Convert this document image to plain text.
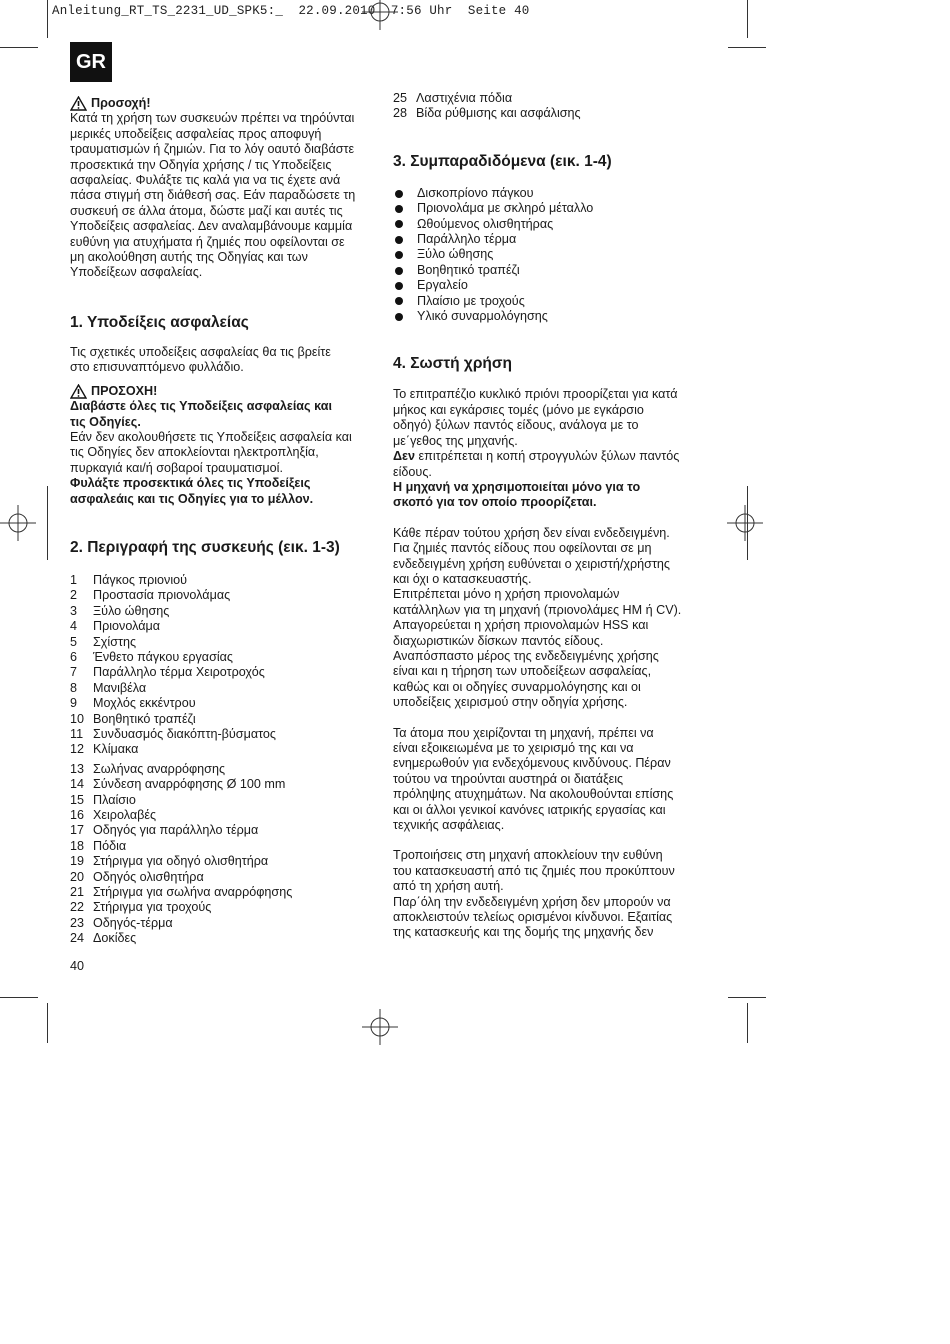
Anleitung_RT_TS_2231_UD_SPK5:_  22.09.2010  7:56 Uhr  Seite 40
GR
Προσοχή!

Κατά τη χρήση των συσκευών πρέπει να τηρόύνται

μερικές υποδείξεις ασφαλείας προς αποφυγή

τραυματισμών ή ζημιών. Για το λόγ οαυτό διαβάστε

προσεκτικά την Οδηγία χρήσης / τις Υποδείξεις

ασφαλείας. Φυλάξτε τις καλά για να τις έχετε ανά

πάσα στιγμή στη διάθεσή σας. Εάν παραδώσετε τη

συσκευή σε άλλα άτομα, δώστε μαζί και αυτές τις

Υποδείξεις ασφαλείας. Δεν αναλαμβάνουμε καμμία

ευθύνη για ατυχήματα ή ζημιές που οφείλονται σε

μη ακολούθηση αυτής της Οδηγίας και των

Υποδείξεων ασφαλείας.

1. Υποδείξεις ασφαλείας

Τις σχετικές υποδείξεις ασφαλείας θα τις βρείτε

στο επισυναπτόμενο φυλλάδιο.

ΠΡΟΣΟΧΗ!

Διαβάστε όλες τις Υποδείξεις ασφαλείας και

τις Οδηγίες.

Εάν δεν ακολουθήσετε τις Υποδείξεις ασφαλεία και

τις Οδηγίες δεν αποκλείονται ηλεκτροπληξία,

πυρκαγιά και/ή σοβαροί τραυματισμοί.

Φυλάξτε προσεκτικά όλες τις Υποδείξεις

ασφαλεάις και τις Οδηγίες για το μέλλον.

2. Περιγραφή της συσκευής (εικ. 1-3)
1	Πάγκος πριονιού
2	Προστασία πριονολάμας
3	Ξύλο ώθησης
4	Πριονολάμα
5	Σχίστης
6	Ένθετο πάγκου εργασίας
7	Παράλληλο τέρμα Χειροτροχός
8	Μανιβέλα
9	Μοχλός εκκέντρου
10 Βοηθητικό τραπέζι
11 Συνδυασμός διακόπτη-βύσματος
12 Κλίμακα
13 Σωλήνας αναρρόφησης
14 Σύνδεση αναρρόφησης Ø 100 mm
15 Πλαίσιο
16 Χειρολαβές
17 Οδηγός για παράλληλο τέρμα
18 Πόδια
19 Στήριγμα για οδηγό ολισθητήρα
20 Οδηγός ολισθητήρα
21 Στήριγμα για σωλήνα αναρρόφησης
22 Στήριγμα για τροχούς
23 Οδηγός-τέρμα
24 Δοκίδες
25 Λαστιχένια πόδια
28 Βίδα ρύθμισης και ασφάλισης
3. Συμπαραδιδόμενα (εικ. 1-4)
Δισκοπρίονο πάγκου
Πριονολάμα με σκληρό μέταλλο
Ωθούμενος ολισθητήρας
Παράλληλο τέρμα
Ξύλο ώθησης
Βοηθητικό τραπέζι
Εργαλείο
Πλαίσιο με τροχούς
Υλικό συναρμολόγησης
4. Σωστή χρήση

Το επιτραπέζιο κυκλικό πριόνι προορίζεται για κατά

μήκος και εγκάρσιες τομές (μόνο με εγκάρσιο

οδηγό) ξύλων παντός είδους, ανάλογα με το

με΄γεθος της μηχανής.

Δεν επιτρέπεται η κοπή στρογγυλών ξύλων παντός

είδους.

Η μηχανή να χρησιμοποιείται μόνο για το

σκοπό για τον οποίο προορίζεται.

Κάθε πέραν τούτου χρήση δεν είναι ενδεδειγμένη.

Για ζημιές παντός είδους που οφείλονται σε μη

ενδεδειγμένη χρήση ευθύνεται ο χειριστή/χρήστης

και όχι ο κατασκευαστής.

Επιτρέπεται μόνο η χρήση πριονολαμών

κατάλληλων για τη μηχανή (πριονολάμες ΗΜ ή CV).

Απαγορεύεται η χρήση πριονολαμών HSS και

διαχωριστικών δίσκων παντός είδους.

Αναπόσπαστο μέρος της ενδεδειγμένης χρήσης

είναι και η τήρηση των υποδείξεων ασφαλείας,

καθώς και οι οδηγίες συναρμολόγησης και οι

υποδείξεις χειρισμού στην οδηγία χρήσης.

Τα άτομα που χειρίζονται τη μηχανή, πρέπει να

είναι εξοικειωμένα με το χειρισμό της και να

ενημερωθούν για ενδεχόμενους κινδύνους. Πέραν

τούτου να τηρούνται αυστηρά οι διατάξεις

πρόληψης ατυχημάτων. Να ακολουθούνται επίσης

και οι άλλοι γενικοί κανόνες ιατρικής εργασίας και

τεχνικής ασφάλειας.

Τροποιήσεις στη μηχανή αποκλείουν την ευθύνη

του κατασκευαστή από τις ζημιές που προκύπτουν

από τη χρήση αυτή.

Παρ΄όλη την ενδεδειγμένη χρήση δεν μπορούν να

αποκλειστούν τελείως ορισμένοι κίνδυνοι. Εξαιτίας

της κατασκευής και της δομής της μηχανής δεν

40
